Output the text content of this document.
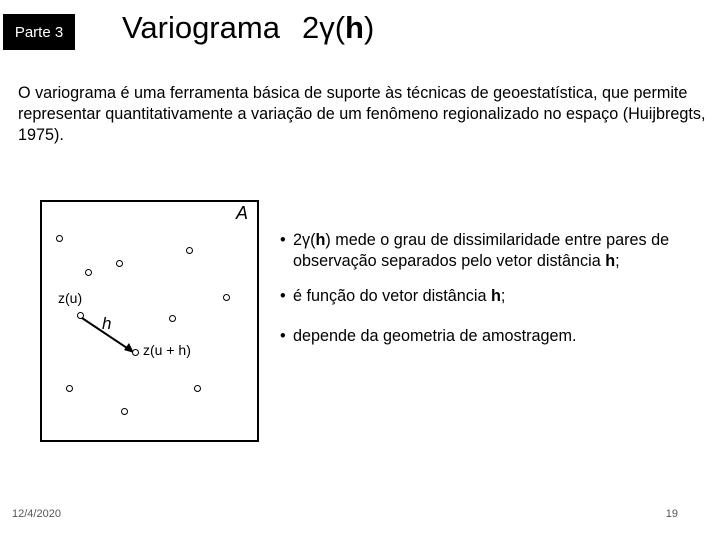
Parte 3 Variograma 2γ(h)
O variograma é uma ferramenta básica de suporte às técnicas de geoestatística, que permite representar quantitativamente a variação de um fenômeno regionalizado no espaço (Huijbregts, 1975).
A
z(u)
h
z(u + h)
• 2γ(h) mede o grau de dissimilaridade entre pares de observação separados pelo vetor distância h;
• é função do vetor distância h;
• depende da geometria de amostragem.
12/4/2020	19
